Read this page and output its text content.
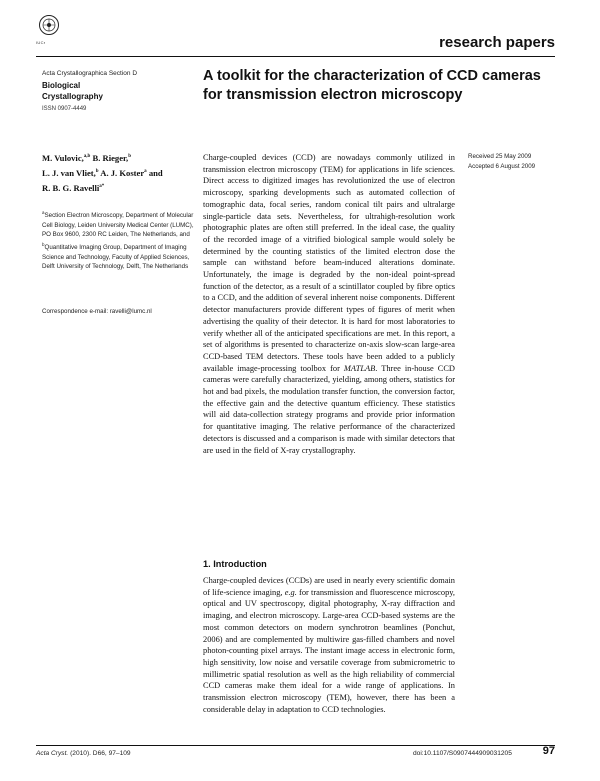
IUCr	research papers
Acta Crystallographica Section D
Biological
Crystallography
ISSN 0907-4449
A toolkit for the characterization of CCD cameras for transmission electron microscopy
M. Vulovic,$^{a,b}$ B. Rieger,$^b$
L. J. van Vliet,$^b$ A. J. Koster$^a$ and
R. B. G. Ravelli$^{a*}$

$^a$Section Electron Microscopy, Department of Molecular Cell Biology, Leiden University Medical Center (LUMC), PO Box 9600, 2300 RC Leiden, The Netherlands, and $^b$Quantitative Imaging Group, Department of Imaging Science and Technology, Faculty of Applied Sciences, Delft University of Technology, Delft, The Netherlands

Correspondence e-mail: ravelli@lumc.nl
Received 25 May 2009
Accepted 6 August 2009

Charge-coupled devices (CCD) are nowadays commonly utilized in transmission electron microscopy (TEM) for applications in life sciences. Direct access to digitized images has revolutionized the use of electron microscopy, sparking developments such as automated collection of tomographic data, focal series, random conical tilt pairs and ultralarge single-particle data sets. Nevertheless, for ultrahigh-resolution work photographic plates are often still preferred. In the ideal case, the quality of the recorded image of a vitrified biological sample would solely be determined by the counting statistics of the limited electron dose the sample can withstand before beam-induced alterations dominate. Unfortunately, the image is degraded by the non-ideal point-spread function of the detector, as a result of a scintillator coupled by fibre optics to a CCD, and the addition of several inherent noise components. Different detector manufacturers provide different types of figures of merit when advertising the quality of their detector. It is hard for most laboratories to verify whether all of the anticipated specifications are met. In this report, a set of algorithms is presented to characterize on-axis slow-scan large-area CCD-based TEM detectors. These tools have been added to a publicly available image-processing toolbox for MATLAB. Three in-house CCD cameras were carefully characterized, yielding, among others, statistics for hot and bad pixels, the modulation transfer function, the conversion factor, the effective gain and the detective quantum efficiency. These statistics will aid data-collection strategy programs and provide prior information for quantitative imaging. The relative performance of the characterized detectors is discussed and a comparison is made with similar detectors that are used in the field of X-ray crystallography.

1. Introduction

Charge-coupled devices (CCDs) are used in nearly every scientific domain of life-science imaging, e.g. for transmission and fluorescence microscopy, optical and UV spectroscopy, digital photography, X-ray diffraction and imaging, and electron microscopy. Large-area CCD-based systems are the most common detectors on modern synchrotron beamlines (Ponchut, 2006) and are complemented by multiwire gas-filled chambers and novel photon-counting pixel arrays. The instant image access in electronic form, high sensitivity, low noise and versatile coverage from submicrometric to millimetric spatial resolution as well as the high reliability of commercial CCD cameras make them ideal for a wide range of applications. In transmission electron microscopy (TEM), however, there has been a considerable delay in adaptation to CCD technologies.

Acta Cryst. (2010). D66, 97–109	doi:10.1107/S0907444909031205	97
